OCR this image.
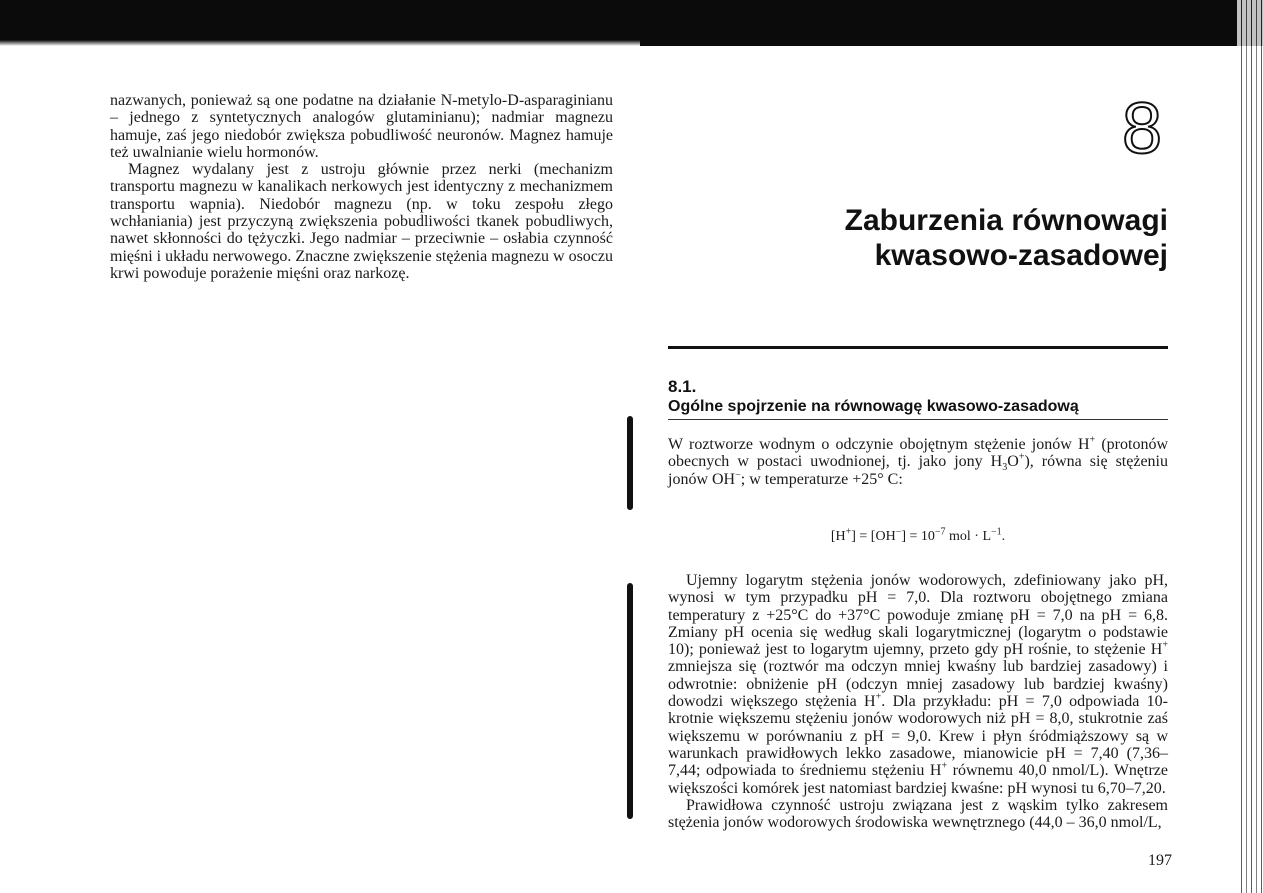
nazwanych, ponieważ są one podatne na działanie N-metylo-D-asparaginianu – jednego z syntetycznych analogów glutaminianu); nadmiar magnezu hamuje, zaś jego niedobór zwiększa pobudliwość neuronów. Magnez hamuje też uwalnianie wielu hormonów.

Magnez wydalany jest z ustroju głównie przez nerki (mechanizm transportu magnezu w kanalikach nerkowych jest identyczny z mechanizmem transportu wapnia). Niedobór magnezu (np. w toku zespołu złego wchłaniania) jest przyczyną zwiększenia pobudliwości tkanek pobudliwych, nawet skłonności do tężyczki. Jego nadmiar – przeciwnie – osłabia czynność mięśni i układu nerwowego. Znaczne zwiększenie stężenia magnezu w osoczu krwi powoduje porażenie mięśni oraz narkozę.

8
Zaburzenia równowagi
kwasowo-zasadowej
8.1.
Ogólne spojrzenie na równowagę kwasowo-zasadową

W roztworze wodnym o odczynie obojętnym stężenie jonów H+ (protonów obecnych w postaci uwodnionej, tj. jako jony $H_3O^+$), równa się stężeniu jonów OH−; w temperaturze +25° C:

$[H^+] = [OH^-] = 10^{-7}$ mol · $L^{-1}$.

Ujemny logarytm stężenia jonów wodorowych, zdefiniowany jako pH, wynosi w tym przypadku pH = 7,0. Dla roztworu obojętnego zmiana temperatury z +25°C do +37°C powoduje zmianę pH = 7,0 na pH = 6,8. Zmiany pH ocenia się według skali logarytmicznej (logarytm o podstawie 10); ponieważ jest to logarytm ujemny, przeto gdy pH rośnie, to stężenie H+ zmniejsza się (roztwór ma odczyn mniej kwaśny lub bardziej zasadowy) i odwrotnie: obniżenie pH (odczyn mniej zasadowy lub bardziej kwaśny) dowodzi większego stężenia H+. Dla przykładu: pH = 7,0 odpowiada 10-krotnie większemu stężeniu jonów wodorowych niż pH = 8,0, stukrotnie zaś większemu w porównaniu z pH = 9,0. Krew i płyn śródmiąższowy są w warunkach prawidłowych lekko zasadowe, mianowicie pH = 7,40 (7,36–7,44; odpowiada to średniemu stężeniu H+ równemu 40,0 nmol/L). Wnętrze większości komórek jest natomiast bardziej kwaśne: pH wynosi tu 6,70–7,20.

Prawidłowa czynność ustroju związana jest z wąskim tylko zakresem stężenia jonów wodorowych środowiska wewnętrznego (44,0 – 36,0 nmol/L,

197
